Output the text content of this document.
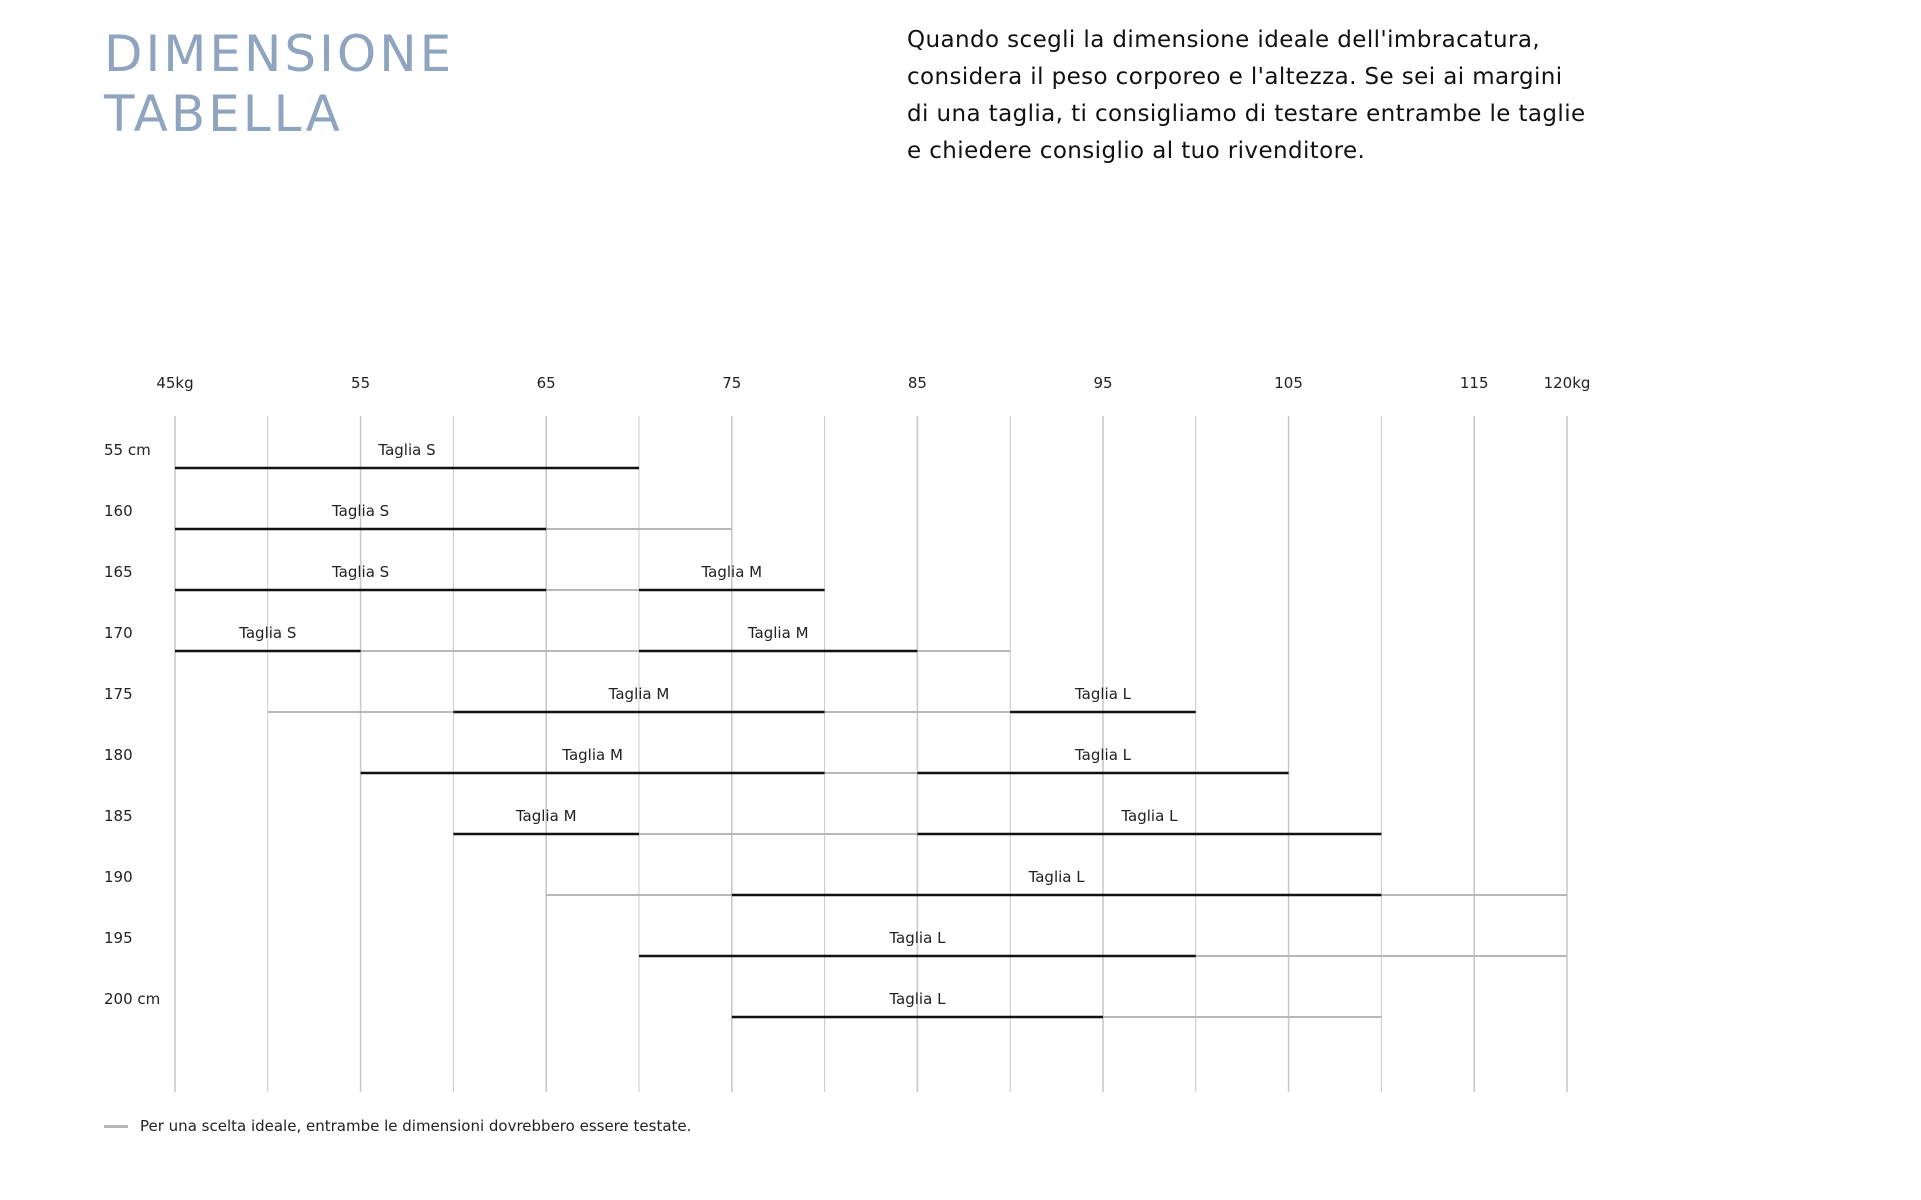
DIMENSIONE
TABELLA

Quando scegli la dimensione ideale dell'imbracatura, considera il peso corporeo e l'altezza. Se sei ai margini di una taglia, ti consigliamo di testare entrambe le taglie e chiedere consiglio al tuo rivenditore.

45kg	55	65	75	85	95	105	115	120kg
55 cm	Taglia S
160	Taglia S
165	Taglia S	Taglia M
170	Taglia S	Taglia M
175	Taglia M	Taglia L
180	Taglia M	Taglia L
185	Taglia M	Taglia L
190	Taglia L
195	Taglia L
200 cm	Taglia L
Per una scelta ideale, entrambe le dimensioni dovrebbero essere testate.
